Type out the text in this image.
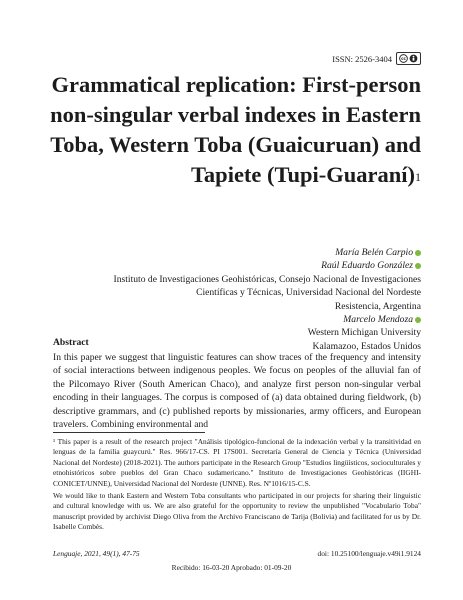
ISSN: 2526-3404 cc
Grammatical replication: First-person non-singular verbal indexes in Eastern Toba, Western Toba (Guaicuruan) and Tapiete (Tupi-Guaraní)$^1$
María Belén Carpio
Raúl Eduardo González
Instituto de Investigaciones Geohistóricas, Consejo Nacional de Investigaciones
Científicas y Técnicas, Universidad Nacional del Nordeste
Resistencia, Argentina
Marcelo Mendoza
Western Michigan University
Kalamazoo, Estados Unidos
Abstract
In this paper we suggest that linguistic features can show traces of the frequency and intensity of social interactions between indigenous peoples. We focus on peoples of the alluvial fan of the Pilcomayo River (South American Chaco), and analyze first person non-singular verbal encoding in their languages. The corpus is composed of (a) data obtained during fieldwork, (b) descriptive grammars, and (c) published reports by missionaries, army officers, and European travelers. Combining environmental and

¹ This paper is a result of the research project "Análisis tipológico-funcional de la indexación verbal y la transitividad en lenguas de la familia guaycurú." Res. 966/17-CS. PI 17S001. Secretaría General de Ciencia y Técnica (Universidad Nacional del Nordeste) (2018-2021). The authors participate in the Research Group "Estudios lingüísticos, socioculturales y etnohistóricos sobre pueblos del Gran Chaco sudamericano." Instituto de Investigaciones Geohistóricas (IIGHI-CONICET/UNNE), Universidad Nacional del Nordeste (UNNE). Res. Nº1016/15-C.S.

We would like to thank Eastern and Western Toba consultants who participated in our projects for sharing their linguistic and cultural knowledge with us. We are also grateful for the opportunity to review the unpublished "Vocabulario Toba" manuscript provided by archivist Diego Oliva from the Archivo Franciscano de Tarija (Bolivia) and facilitated for us by Dr. Isabelle Combès.

Lenguaje, 2021, 49(1), 47-75	doi: 10.25100/lenguaje.v49i1.9124
Recibido: 16-03-20 Aprobado: 01-09-20
